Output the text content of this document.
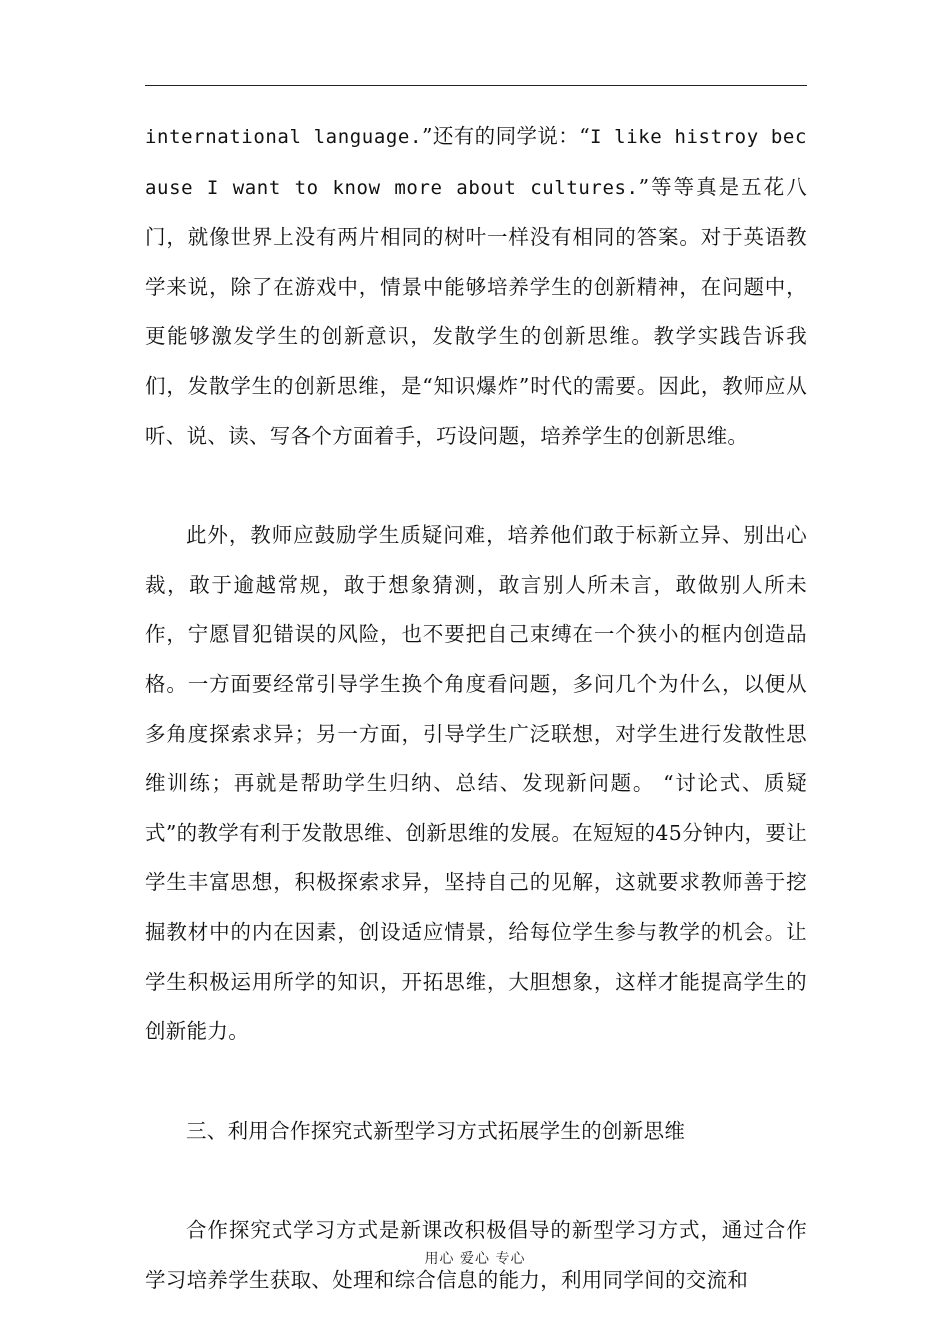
international language.”还有的同学说：“I like histroy because I want to know more about cultures.”等等真是五花八门，就像世界上没有两片相同的树叶一样没有相同的答案。对于英语教学来说，除了在游戏中，情景中能够培养学生的创新精神，在问题中，更能够激发学生的创新意识，发散学生的创新思维。教学实践告诉我们，发散学生的创新思维，是“知识爆炸”时代的需要。因此，教师应从听、说、读、写各个方面着手，巧设问题，培养学生的创新思维。

此外，教师应鼓励学生质疑问难，培养他们敢于标新立异、别出心裁，敢于逾越常规，敢于想象猜测，敢言别人所未言，敢做别人所未作，宁愿冒犯错误的风险，也不要把自己束缚在一个狭小的框内创造品格。一方面要经常引导学生换个角度看问题，多问几个为什么，以便从多角度探索求异；另一方面，引导学生广泛联想，对学生进行发散性思维训练；再就是帮助学生归纳、总结、发现新问题。 “讨论式、质疑式”的教学有利于发散思维、创新思维的发展。在短短的45分钟内，要让学生丰富思想，积极探索求异，坚持自己的见解，这就要求教师善于挖掘教材中的内在因素，创设适应情景，给每位学生参与教学的机会。让学生积极运用所学的知识，开拓思维，大胆想象，这样才能提高学生的创新能力。

三、利用合作探究式新型学习方式拓展学生的创新思维

合作探究式学习方式是新课改积极倡导的新型学习方式，通过合作学习培养学生获取、处理和综合信息的能力，利用同学间的交流和

用心 爱心 专心
